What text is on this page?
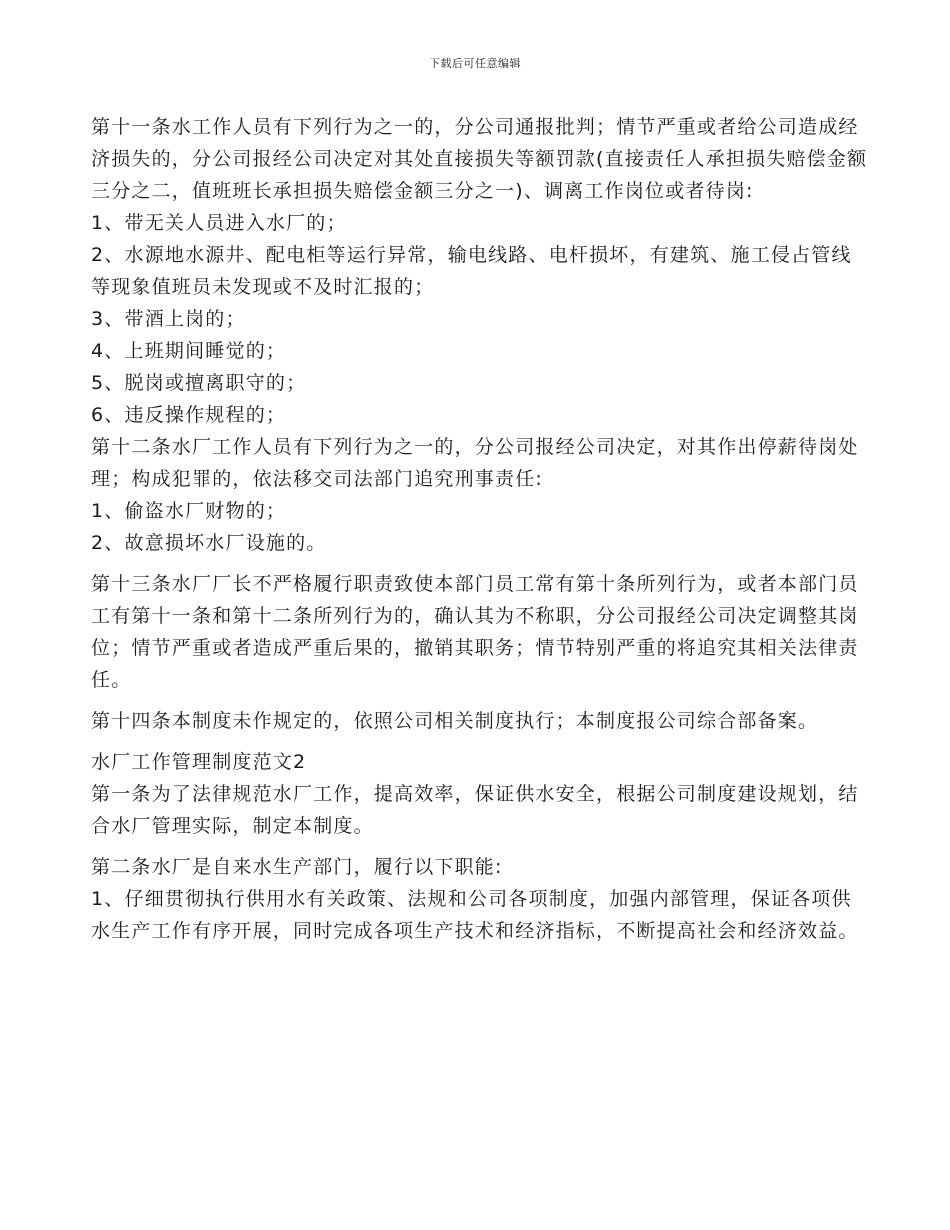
下载后可任意编辑

第十一条水工作人员有下列行为之一的，分公司通报批判；情节严重或者给公司造成经济损失的，分公司报经公司决定对其处直接损失等额罚款(直接责任人承担损失赔偿金额三分之二，值班班长承担损失赔偿金额三分之一)、调离工作岗位或者待岗:

1、带无关人员进入水厂的；

2、水源地水源井、配电柜等运行异常，输电线路、电杆损坏，有建筑、施工侵占管线等现象值班员未发现或不及时汇报的；

3、带酒上岗的；

4、上班期间睡觉的；

5、脱岗或擅离职守的；

6、违反操作规程的；

第十二条水厂工作人员有下列行为之一的，分公司报经公司决定，对其作出停薪待岗处理；构成犯罪的，依法移交司法部门追究刑事责任:

1、偷盗水厂财物的；

2、故意损坏水厂设施的。

第十三条水厂厂长不严格履行职责致使本部门员工常有第十条所列行为，或者本部门员工有第十一条和第十二条所列行为的，确认其为不称职，分公司报经公司决定调整其岗位；情节严重或者造成严重后果的，撤销其职务；情节特别严重的将追究其相关法律责任。

第十四条本制度未作规定的，依照公司相关制度执行；本制度报公司综合部备案。

水厂工作管理制度范文2

第一条为了法律规范水厂工作，提高效率，保证供水安全，根据公司制度建设规划，结合水厂管理实际，制定本制度。

第二条水厂是自来水生产部门，履行以下职能:

1、仔细贯彻执行供用水有关政策、法规和公司各项制度，加强内部管理，保证各项供水生产工作有序开展，同时完成各项生产技术和经济指标，不断提高社会和经济效益。
